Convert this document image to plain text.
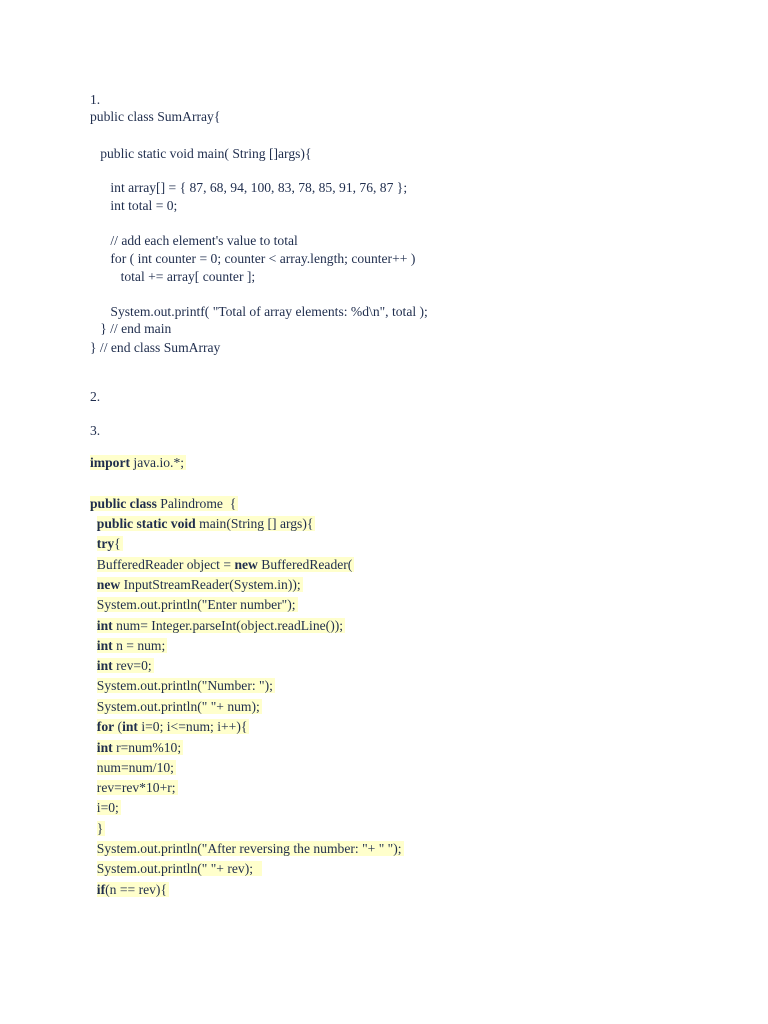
1.
public class SumArray{
public static void main( String []args){
int array[] = { 87, 68, 94, 100, 83, 78, 85, 91, 76, 87 };
int total = 0;
// add each element's value to total
for ( int counter = 0; counter < array.length; counter++ )
total += array[ counter ];
System.out.printf( "Total of array elements: %d\n", total );
} // end main
} // end class SumArray
2.
3.
import java.io.*;
public class Palindrome  {
public static void main(String [] args){
try{
BufferedReader object = new BufferedReader(
new InputStreamReader(System.in));
System.out.println("Enter number");
int num= Integer.parseInt(object.readLine());
int n = num;
int rev=0;
System.out.println("Number: ");
System.out.println(" "+ num);
for (int i=0; i<=num; i++){
int r=num%10;
num=num/10;
rev=rev*10+r;
i=0;
}
System.out.println("After reversing the number: "+ " ");
System.out.println(" "+ rev);
if(n == rev){
